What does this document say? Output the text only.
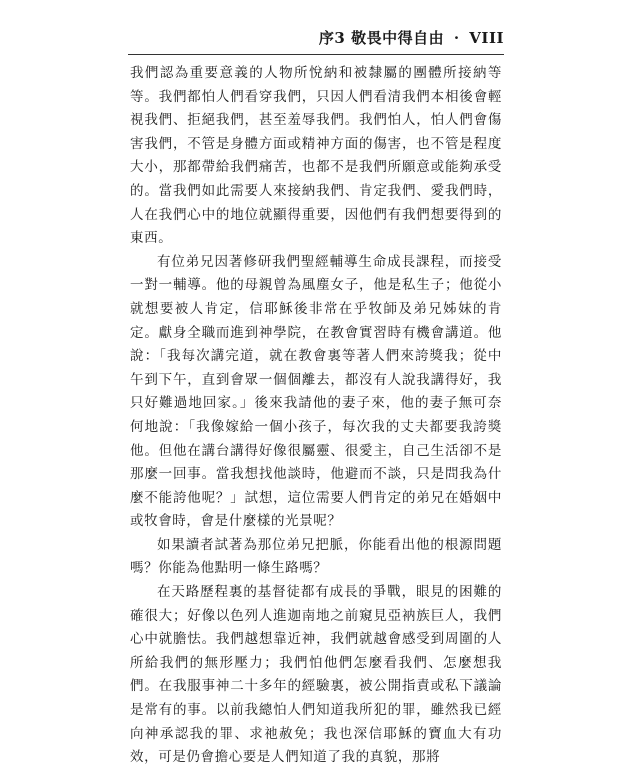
序3 敬畏中得自由 · VIII

我們認為重要意義的人物所悅納和被隸屬的團體所接納等等。我們都怕人們看穿我們，只因人們看清我們本相後會輕視我們、拒絕我們，甚至羞辱我們。我們怕人，怕人們會傷害我們，不管是身體方面或精神方面的傷害，也不管是程度大小，那都帶給我們痛苦，也都不是我們所願意或能夠承受的。當我們如此需要人來接納我們、肯定我們、愛我們時，人在我們心中的地位就顯得重要，因他們有我們想要得到的東西。

有位弟兄因著修研我們聖經輔導生命成長課程，而接受一對一輔導。他的母親曾為風塵女子，他是私生子；他從小就想要被人肯定，信耶穌後非常在乎牧師及弟兄姊妹的肯定。獻身全職而進到神學院，在教會實習時有機會講道。他說：「我每次講完道，就在教會裏等著人們來誇獎我；從中午到下午，直到會眾一個個離去，都沒有人說我講得好，我只好難過地回家。」後來我請他的妻子來，他的妻子無可奈何地說：「我像嫁給一個小孩子，每次我的丈夫都要我誇獎他。但他在講台講得好像很屬靈、很愛主，自己生活卻不是那麼一回事。當我想找他談時，他避而不談，只是問我為什麼不能誇他呢？」試想，這位需要人們肯定的弟兄在婚姻中或牧會時，會是什麼樣的光景呢？

如果讀者試著為那位弟兄把脈，你能看出他的根源問題嗎？你能為他點明一條生路嗎？

在天路歷程裏的基督徒都有成長的爭戰，眼見的困難的確很大；好像以色列人進迦南地之前窺見亞衲族巨人，我們心中就膽怯。我們越想靠近神，我們就越會感受到周圍的人所給我們的無形壓力；我們怕他們怎麼看我們、怎麼想我們。在我服事神二十多年的經驗裏，被公開指責或私下議論是常有的事。以前我總怕人們知道我所犯的罪，雖然我已經向神承認我的罪、求祂赦免；我也深信耶穌的寶血大有功效，可是仍會擔心要是人們知道了我的真貌，那將
